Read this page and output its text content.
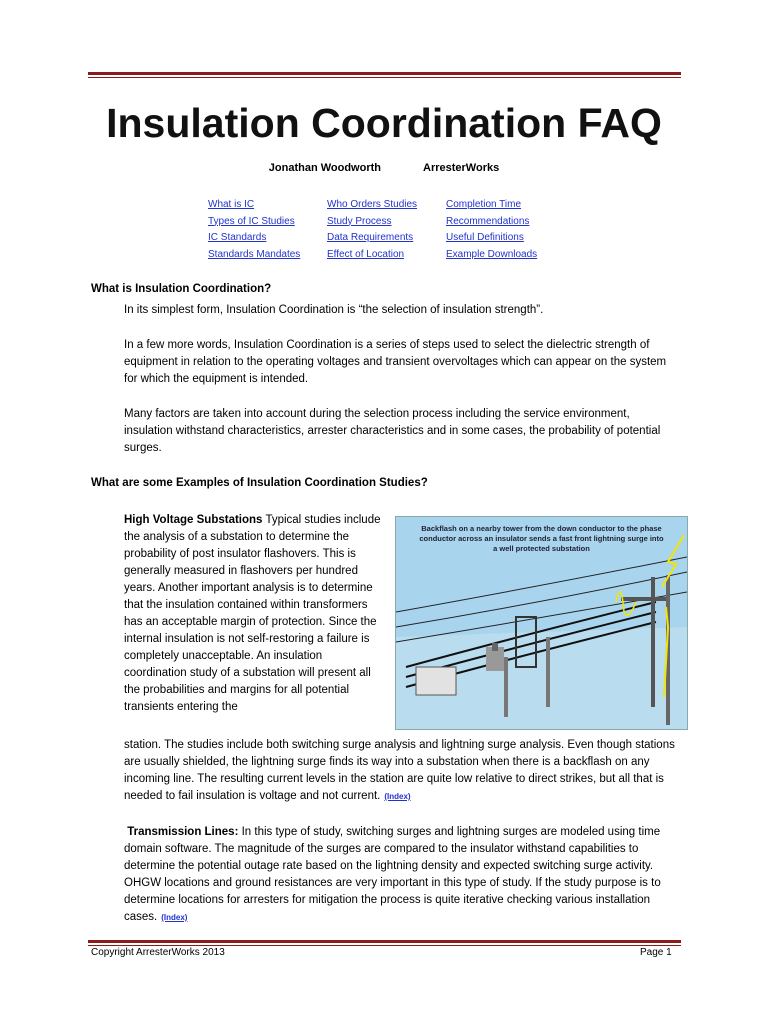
Insulation Coordination FAQ
Jonathan Woodworth	ArresterWorks
What is IC
Types of IC Studies
IC Standards
Standards Mandates
Who Orders Studies
Study Process
Data Requirements
Effect of Location
Completion Time
Recommendations
Useful Definitions
Example Downloads
What is Insulation Coordination?
In its simplest form, Insulation Coordination is “the selection of insulation strength”.
In a few more words, Insulation Coordination is a series of steps used to select the dielectric strength of equipment in relation to the operating voltages and transient overvoltages which can appear on the system for which the equipment is intended.
Many factors are taken into account during the selection process including the service environment, insulation withstand characteristics, arrester characteristics and in some cases, the probability of potential surges.
What are some Examples of Insulation Coordination Studies?
High Voltage Substations Typical studies include the analysis of a substation to determine the probability of post insulator flashovers. This is generally measured in flashovers per hundred years. Another important analysis is to determine that the insulation contained within transformers has an acceptable margin of protection. Since the internal insulation is not self-restoring a failure is completely unacceptable. An insulation coordination study of a substation will present all the probabilities and margins for all potential transients entering the
Backflash on a nearby tower from the down conductor to the phase conductor across an insulator sends a fast front lightning surge into a well protected substation
station. The studies include both switching surge analysis and lightning surge analysis. Even though stations are usually shielded, the lightning surge finds its way into a substation when there is a backflash on any incoming line. The resulting current levels in the station are quite low relative to direct strikes, but all that is needed to fail insulation is voltage and not current. (Index)
Transmission Lines: In this type of study, switching surges and lightning surges are modeled using time domain software. The magnitude of the surges are compared to the insulator withstand capabilities to determine the potential outage rate based on the lightning density and expected switching surge activity. OHGW locations and ground resistances are very important in this type of study. If the study purpose is to determine locations for arresters for mitigation the process is quite iterative checking various installation cases. (Index)
Copyright ArresterWorks 2013	Page 1
